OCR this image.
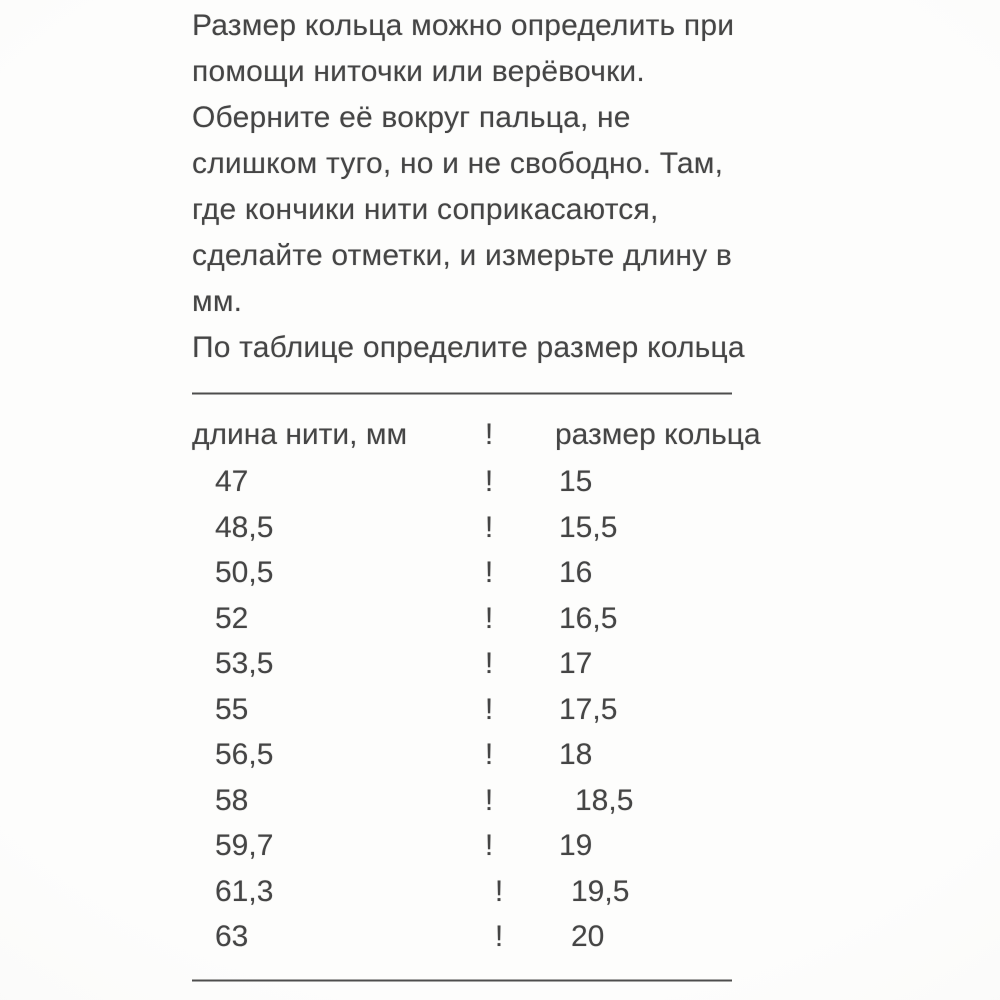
Размер кольца можно определить при
помощи ниточки или верёвочки.
Оберните её вокруг пальца, не
слишком туго, но и не свободно. Там,
где кончики нити соприкасаются,
сделайте отметки, и измерьте длину в
мм.
По таблице определите размер кольца
——————————————————
длина нити, мм	!	размер кольца
47	!	15
48,5	!	15,5
50,5	!	16
52	!	16,5
53,5	!	17
55	!	17,5
56,5	!	18
58	!	18,5
59,7	!	19
61,3	!	19,5
63	!	20
——————————————————
